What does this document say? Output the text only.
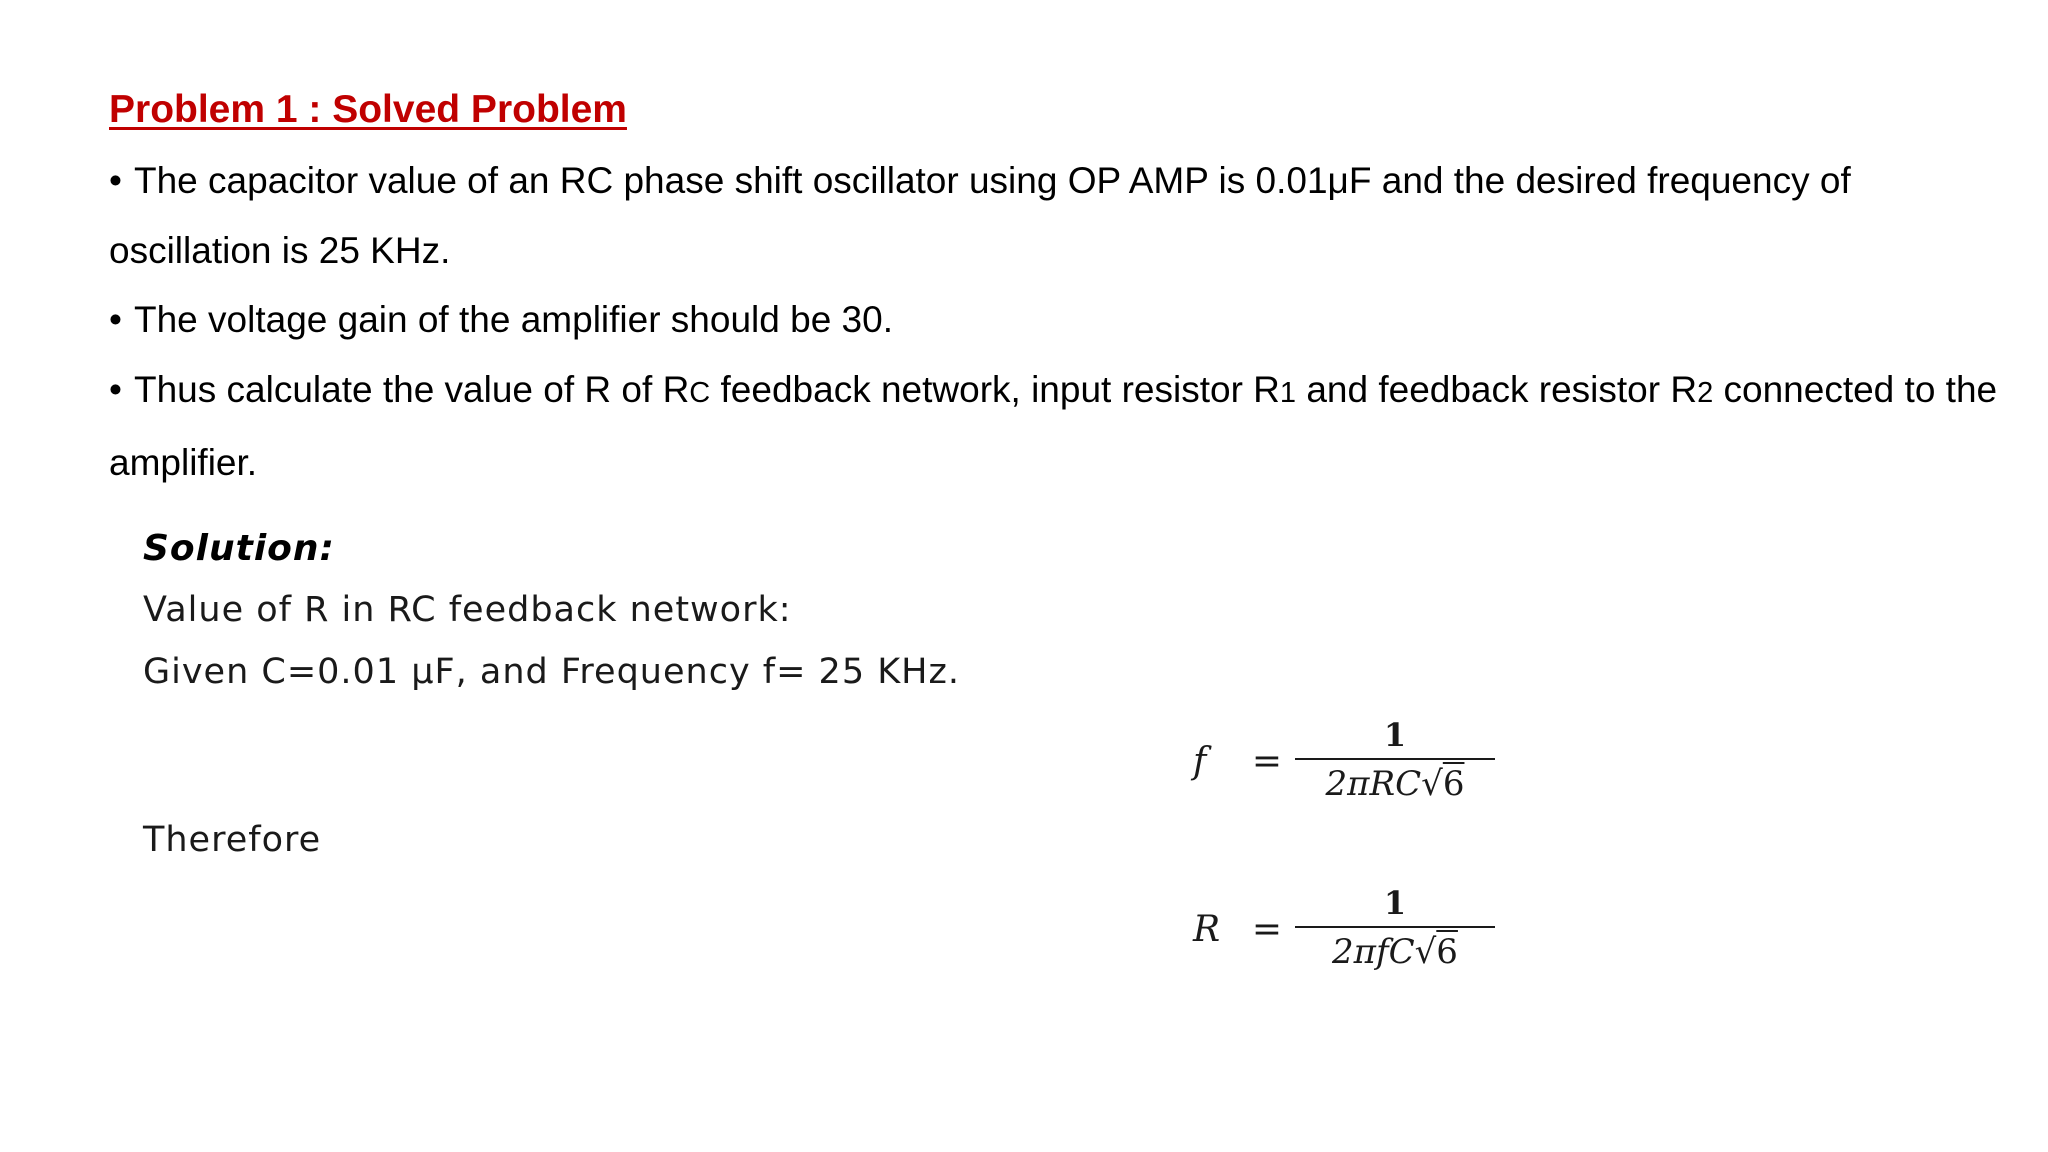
Problem 1 : Solved Problem

• The capacitor value of an RC phase shift oscillator using OP AMP is 0.01μF and the desired frequency of oscillation is 25 KHz.

• The voltage gain of the amplifier should be 30.

• Thus calculate the value of R of RC feedback network, input resistor R1 and feedback resistor R2 connected to the amplifier.

Solution:
Value of R in RC feedback network:
Given C=0.01 μF, and Frequency f= 25 KHz.
f	= $\frac{1}{\text{2πRC√6}}$
Therefore
$R = \frac{1}{\text{2πfC√6}}$
